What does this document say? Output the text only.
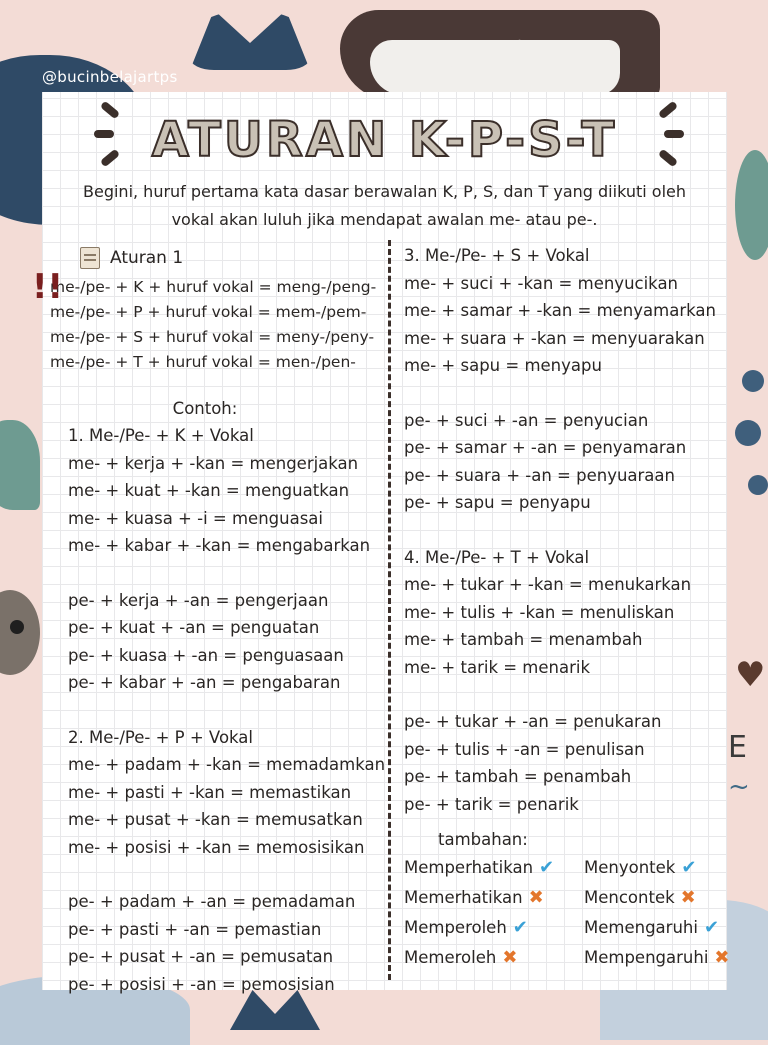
NOTE
♥
E
~
@bucinbelajartps
ATURAN K-P-S-T
Begini, huruf pertama kata dasar berawalan K, P, S, dan T yang diikuti oleh
vokal akan luluh jika mendapat awalan me- atau pe-.
Aturan 1
!!
me-/pe- + K + huruf vokal = meng-/peng-
me-/pe- + P + huruf vokal = mem-/pem-
me-/pe- + S + huruf vokal = meny-/peny-
me-/pe- + T + huruf vokal = men-/pen-
Contoh:
1. Me-/Pe- + K + Vokal
me- + kerja + -kan = mengerjakan
me- + kuat + -kan = menguatkan
me- + kuasa + -i = menguasai
me- + kabar + -kan = mengabarkan
pe- + kerja + -an = pengerjaan
pe- + kuat + -an = penguatan
pe- + kuasa + -an = penguasaan
pe- + kabar + -an = pengabaran
2. Me-/Pe- + P + Vokal
me- + padam + -kan = memadamkan
me- + pasti + -kan = memastikan
me- + pusat + -kan = memusatkan
me- + posisi + -kan = memosisikan
pe- + padam + -an = pemadaman
pe- + pasti + -an = pemastian
pe- + pusat + -an = pemusatan
pe- + posisi + -an = pemosisian
3. Me-/Pe- + S + Vokal
me- + suci + -kan = menyucikan
me- + samar + -kan = menyamarkan
me- + suara + -kan = menyuarakan
me- + sapu = menyapu
pe- + suci + -an = penyucian
pe- + samar + -an = penyamaran
pe- + suara + -an = penyuaraan
pe- + sapu = penyapu
4. Me-/Pe- + T + Vokal
me- + tukar + -kan = menukarkan
me- + tulis + -kan = menuliskan
me- + tambah = menambah
me- + tarik = menarik
pe- + tukar + -an = penukaran
pe- + tulis + -an = penulisan
pe- + tambah = penambah
pe- + tarik = penarik
tambahan:
Memperhatikan ✔ Menyontek ✔
Memerhatikan ✖ Mencontek ✖
Memperoleh ✔	Memengaruhi ✔
Memeroleh ✖	Mempengaruhi ✖
